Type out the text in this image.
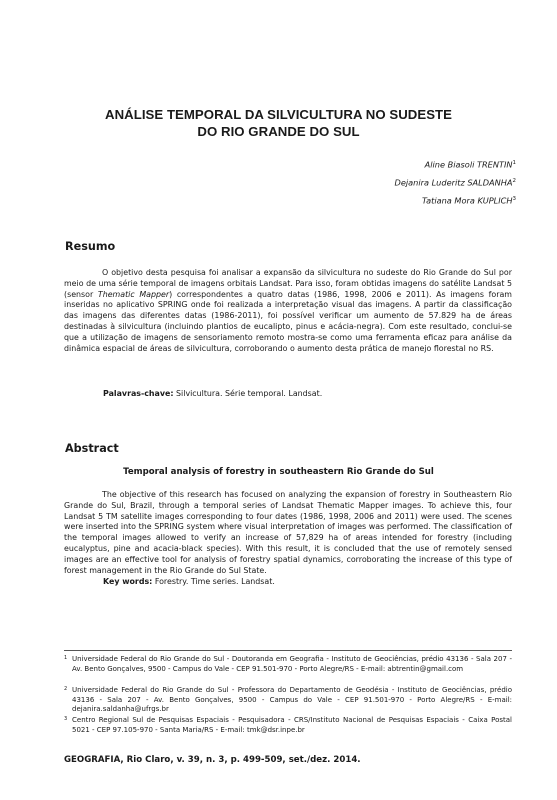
ANÁLISE TEMPORAL DA SILVICULTURA NO SUDESTE
DO RIO GRANDE DO SUL
Aline Biasoli TRENTIN$^1$
Dejanira Luderitz SALDANHA$^2$
Tatiana Mora KUPLICH$^3$
Resumo

O objetivo desta pesquisa foi analisar a expansão da silvicultura no sudeste do Rio Grande do Sul por meio de uma série temporal de imagens orbitais Landsat. Para isso, foram obtidas imagens do satélite Landsat 5 (sensor Thematic Mapper) correspondentes a quatro datas (1986, 1998, 2006 e 2011). As imagens foram inseridas no aplicativo SPRING onde foi realizada a interpretação visual das imagens. A partir da classificação das imagens das diferentes datas (1986-2011), foi possível verificar um aumento de 57.829 ha de áreas destinadas à silvicultura (incluindo plantios de eucalipto, pinus e acácia-negra). Com este resultado, conclui-se que a utilização de imagens de sensoriamento remoto mostra-se como uma ferramenta eficaz para análise da dinâmica espacial de áreas de silvicultura, corroborando o aumento desta prática de manejo florestal no RS.

Palavras-chave: Silvicultura. Série temporal. Landsat.
Abstract
Temporal analysis of forestry in southeastern Rio Grande do Sul

The objective of this research has focused on analyzing the expansion of forestry in Southeastern Rio Grande do Sul, Brazil, through a temporal series of Landsat Thematic Mapper images. To achieve this, four Landsat 5 TM satellite images corresponding to four dates (1986, 1998, 2006 and 2011) were used. The scenes were inserted into the SPRING system where visual interpretation of images was performed. The classification of the temporal images allowed to verify an increase of 57,829 ha of areas intended for forestry (including eucalyptus, pine and acacia-black species). With this result, it is concluded that the use of remotely sensed images are an effective tool for analysis of forestry spatial dynamics, corroborating the increase of this type of forest management in the Rio Grande do Sul State.

Key words: Forestry. Time series. Landsat.
1 Universidade Federal do Rio Grande do Sul - Doutoranda em Geografia - Instituto de Geociências, prédio 43136 - Sala 207 - Av. Bento Gonçalves, 9500 - Campus do Vale - CEP 91.501-970 - Porto Alegre/RS - E-mail: abtrentin@gmail.com
2 Universidade Federal do Rio Grande do Sul - Professora do Departamento de Geodésia - Instituto de Geociências, prédio 43136 - Sala 207 - Av. Bento Gonçalves, 9500 - Campus do Vale - CEP 91.501-970 - Porto Alegre/RS - E-mail: dejanira.saldanha@ufrgs.br
3 Centro Regional Sul de Pesquisas Espaciais - Pesquisadora - CRS/Instituto Nacional de Pesquisas Espaciais - Caixa Postal 5021 - CEP 97.105-970 - Santa Maria/RS - E-mail: tmk@dsr.inpe.br
GEOGRAFIA, Rio Claro, v. 39, n. 3, p. 499-509, set./dez. 2014.
